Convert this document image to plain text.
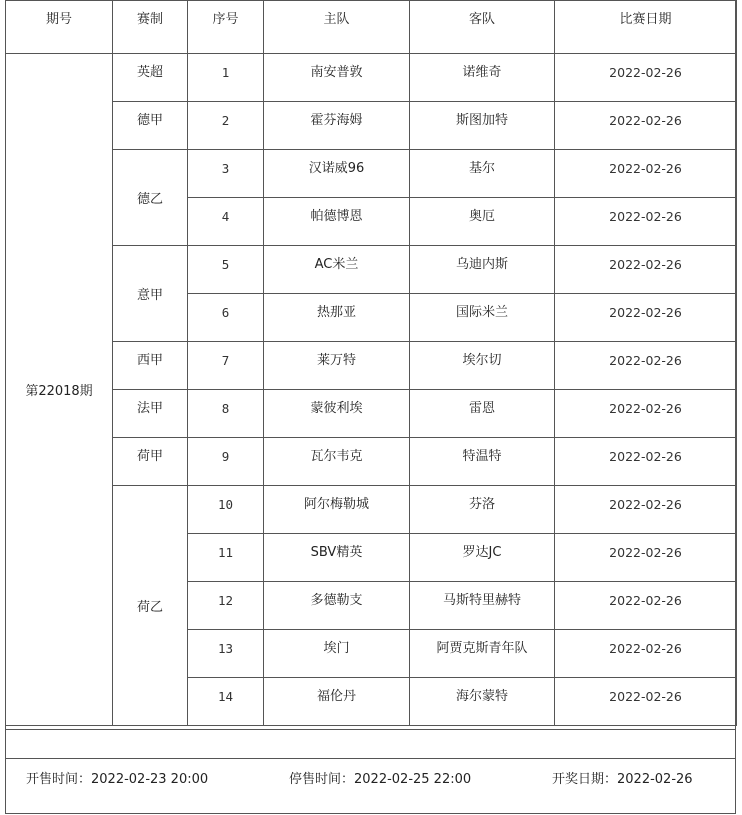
期号	赛制	序号	主队	客队	比赛日期
第22018期	英超	1	南安普敦	诺维奇	2022-02-26
	德甲	2	霍芬海姆	斯图加特	2022-02-26
	德乙	3	汉诺威96	基尔	2022-02-26
		4	帕德博恩	奥厄	2022-02-26
	意甲	5	AC米兰	乌迪内斯	2022-02-26
		6	热那亚	国际米兰	2022-02-26
	西甲	7	莱万特	埃尔切	2022-02-26
	法甲	8	蒙彼利埃	雷恩	2022-02-26
	荷甲	9	瓦尔韦克	特温特	2022-02-26
	荷乙	10	阿尔梅勒城	芬洛	2022-02-26
		11	SBV精英	罗达JC	2022-02-26
		12	多德勒支	马斯特里赫特	2022-02-26
		13	埃门	阿贾克斯青年队	2022-02-26
		14	福伦丹	海尔蒙特	2022-02-26
开售时间：2022-02-23 20:00	停售时间：2022-02-25 22:00	开奖日期：2022-02-26
